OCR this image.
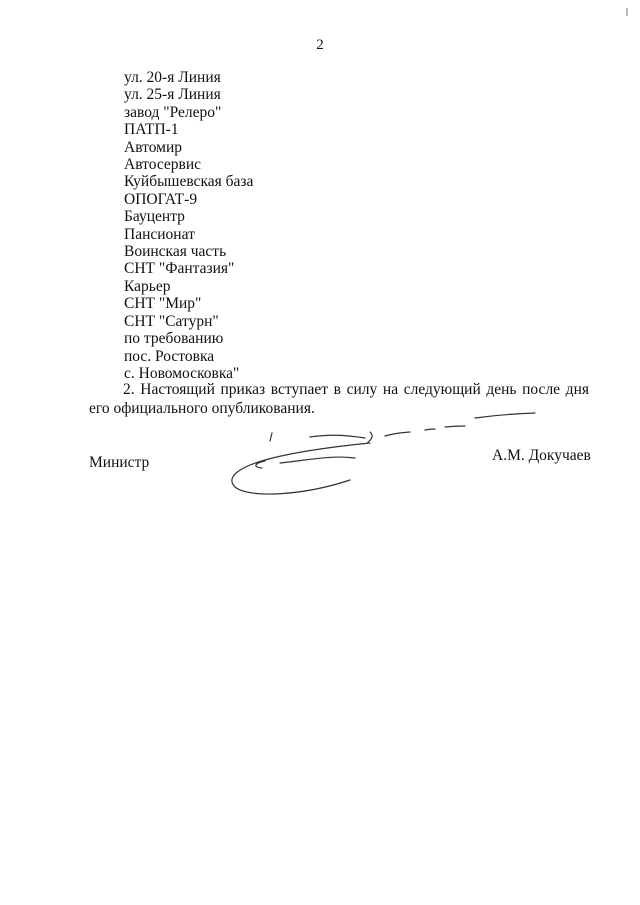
2
ул. 20-я Линия
ул. 25-я Линия
завод "Релеро"
ПАТП-1
Автомир
Автосервис
Куйбышевская база
ОПОГАТ-9
Бауцентр
Пансионат
Воинская часть
СНТ "Фантазия"
Карьер
СНТ "Мир"
СНТ "Сатурн"
по требованию
пос. Ростовка
с. Новомосковка"

2. Настоящий приказ вступает в силу на следующий день после дня его официального опубликования.

Министр	А.М. Докучаев
